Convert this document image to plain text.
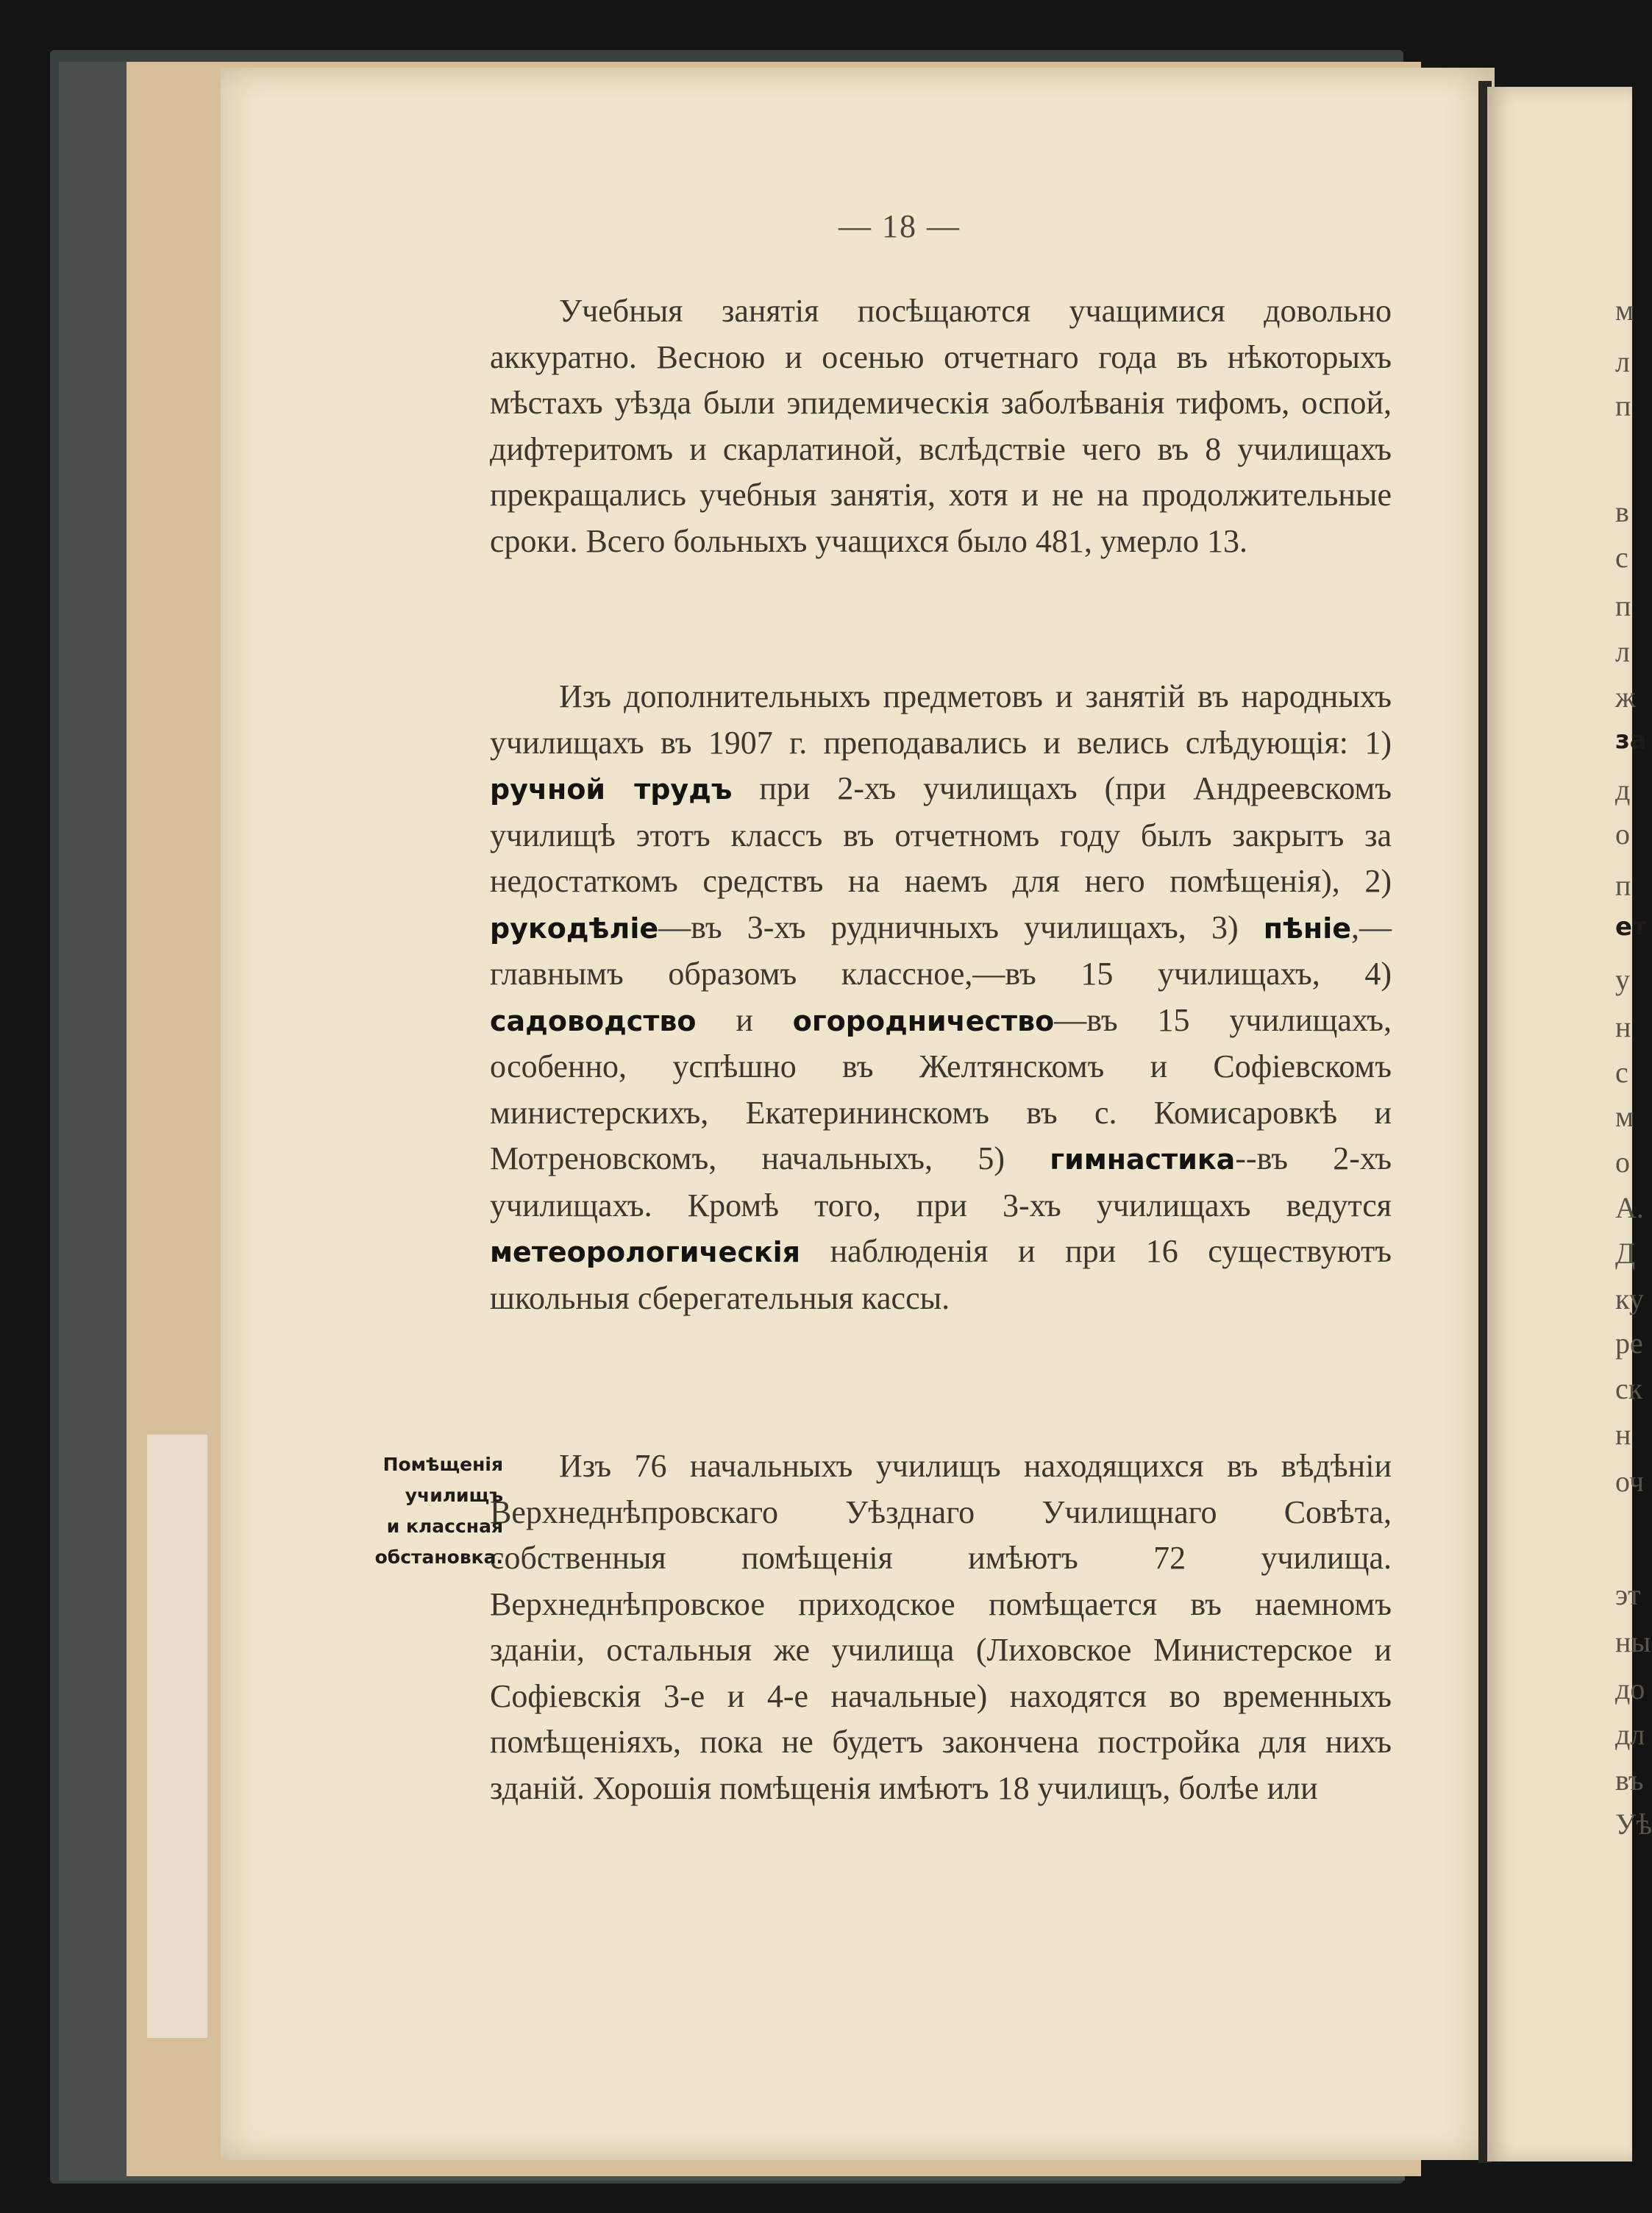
— 18 —
Учебныя занятія посѣщаются учащимися довольно аккуратно. Весною и осенью отчетнаго года въ нѣкоторыхъ мѣстахъ уѣзда были эпидемическія заболѣванія тифомъ, оспой, дифтеритомъ и скарлатиной, вслѣдствіе чего въ 8 училищахъ прекращались учебныя занятія, хотя и не на продолжительные сроки. Всего больныхъ учащихся было 481, умерло 13.
Изъ дополнительныхъ предметовъ и занятій въ народныхъ училищахъ въ 1907 г. преподавались и велись слѣдующія: 1) ручной трудъ при 2-хъ училищахъ (при Андреевскомъ училищѣ этотъ классъ въ отчетномъ году былъ закрытъ за недостаткомъ средствъ на наемъ для него помѣщенія), 2) рукодѣліе—въ 3-хъ рудничныхъ училищахъ, 3) пѣніе,—главнымъ образомъ классное,—въ 15 училищахъ, 4) садоводство и огородничество—въ 15 училищахъ, особенно, успѣшно въ Желтянскомъ и Софіевскомъ министерскихъ, Екатерининскомъ въ с. Комисаровкѣ и Мотреновскомъ, начальныхъ, 5) гимнастика--въ 2-хъ училищахъ. Кромѣ того, при 3-хъ училищахъ ведутся метеорологическія наблюденія и при 16 существуютъ школьныя сберегательныя кассы.
Изъ 76 начальныхъ училищъ находящихся въ вѣдѣніи Верхнеднѣпровскаго Уѣзднаго Училищнаго Совѣта, собственныя помѣщенія имѣютъ 72 училища. Верхнеднѣпровское приходское помѣщается въ наемномъ зданіи, остальныя же училища (Лиховское Министерское и Софіевскія 3-е и 4-е начальные) находятся во временныхъ помѣщеніяхъ, пока не будетъ закончена постройка для нихъ зданій. Хорошія помѣщенія имѣютъ 18 училищъ, болѣе или
Помѣщенія
училищъ
и классная
обстановка.
м
л
п
в
с
п
л
ж
за
д
о
п
ет
у
н
с
м
о
А.
Д
ку
ре
ск
н
оч
эт
ны
до
дл
въ
Уѣ
